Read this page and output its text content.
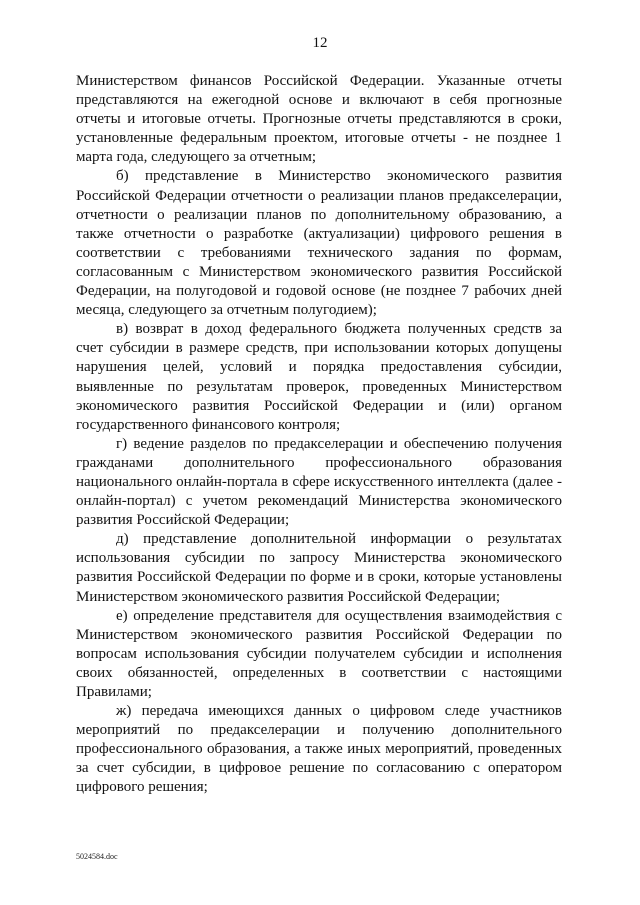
12

Министерством финансов Российской Федерации. Указанные отчеты представляются на ежегодной основе и включают в себя прогнозные отчеты и итоговые отчеты. Прогнозные отчеты представляются в сроки, установленные федеральным проектом, итоговые отчеты - не позднее 1 марта года, следующего за отчетным;

б) представление в Министерство экономического развития Российской Федерации отчетности о реализации планов предакселерации, отчетности о реализации планов по дополнительному образованию, а также отчетности о разработке (актуализации) цифрового решения в соответствии с требованиями технического задания по формам, согласованным с Министерством экономического развития Российской Федерации, на полугодовой и годовой основе (не позднее 7 рабочих дней месяца, следующего за отчетным полугодием);

в) возврат в доход федерального бюджета полученных средств за счет субсидии в размере средств, при использовании которых допущены нарушения целей, условий и порядка предоставления субсидии, выявленные по результатам проверок, проведенных Министерством экономического развития Российской Федерации и (или) органом государственного финансового контроля;

г) ведение разделов по предакселерации и обеспечению получения гражданами дополнительного профессионального образования национального онлайн-портала в сфере искусственного интеллекта (далее - онлайн-портал) с учетом рекомендаций Министерства экономического развития Российской Федерации;

д) представление дополнительной информации о результатах использования субсидии по запросу Министерства экономического развития Российской Федерации по форме и в сроки, которые установлены Министерством экономического развития Российской Федерации;

е) определение представителя для осуществления взаимодействия с Министерством экономического развития Российской Федерации по вопросам использования субсидии получателем субсидии и исполнения своих обязанностей, определенных в соответствии с настоящими Правилами;

ж) передача имеющихся данных о цифровом следе участников мероприятий по предакселерации и получению дополнительного профессионального образования, а также иных мероприятий, проведенных за счет субсидии, в цифровое решение по согласованию с оператором цифрового решения;

5024584.doc
